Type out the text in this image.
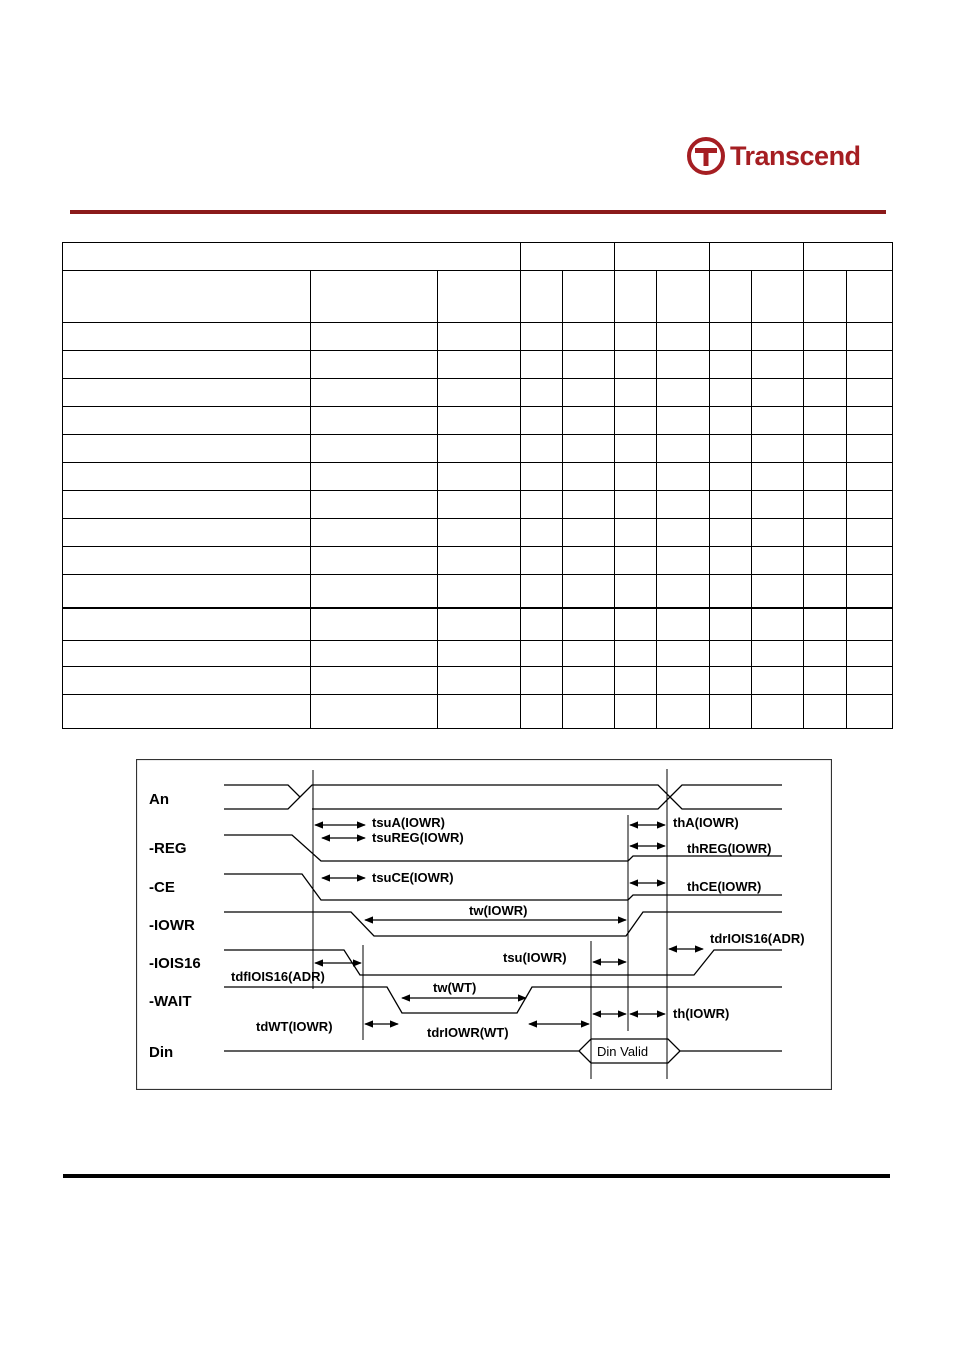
Transcend

An
-REG
-CE
-IOWR
-IOIS16
-WAIT
Din
tsuA(IOWR)
tsuREG(IOWR)
tsuCE(IOWR)
thA(IOWR)
thREG(IOWR)
thCE(IOWR)
tw(IOWR)
tdrIOIS16(ADR)
tsu(IOWR)
tdfIOIS16(ADR)
tw(WT)
tdWT(IOWR)	tdrIOWR(WT)
th(IOWR)
Din Valid
